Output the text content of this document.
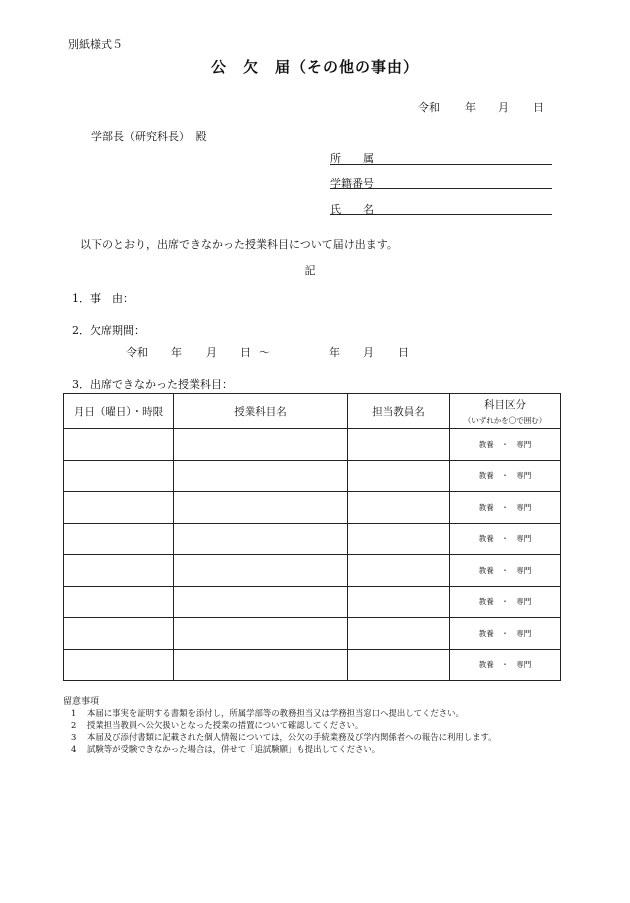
別紙様式５
公　欠　届（その他の事由）
令和 年 月 日
学部長（研究科長）　殿
所　　属
学籍番号
氏　　名
以下のとおり，出席できなかった授業科目について届け出ます。
記
1．事　由：
2．欠席期間：
令和 年 月 日 〜	年 月 日
3．出席できなかった授業科目：
月日（曜日）・時限	授業科目名	担当教員名	科目区分
（いずれかを〇で囲む）

			教養　・　専門
			教養　・　専門
			教養　・　専門
			教養　・　専門
			教養　・　専門
			教養　・　専門
			教養　・　専門
			教養　・　専門
留意事項
1 本届に事実を証明する書類を添付し，所属学部等の教務担当又は学務担当窓口へ提出してください。
2 授業担当教員へ公欠扱いとなった授業の措置について確認してください。
3 本届及び添付書類に記載された個人情報については，公欠の手続業務及び学内関係者への報告に利用します。
4 試験等が受験できなかった場合は，併せて「追試験願」も提出してください。
